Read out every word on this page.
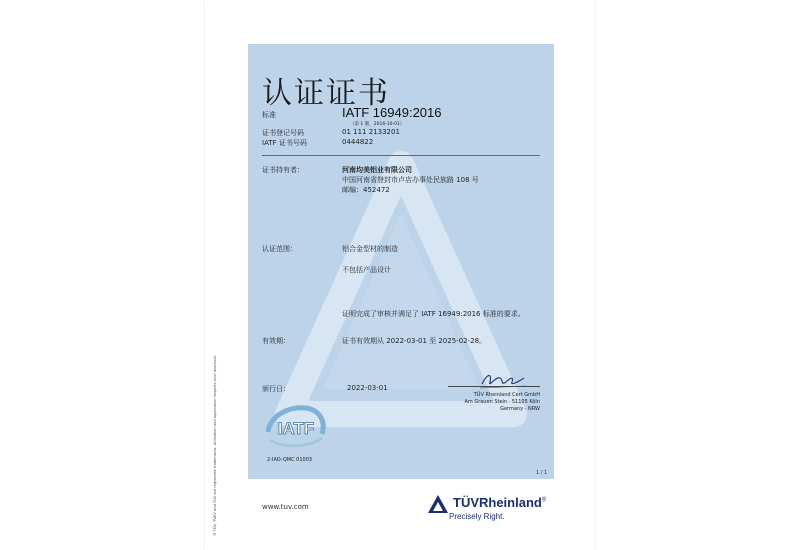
认证证书
标准	IATF 16949:2016
（第 1 版，2016-10-01）
证书登记号码	01 111 2133201
IATF 证书号码	0444822
证书持有者：	河南均美铝业有限公司
中国河南省登封市卢店办事处民族路 108 号
邮编：452472
认证范围：	铝合金型材的制造
不包括产品设计
证明完成了审核并满足了 IATF 16949:2016 标准的要求。
有效期：	证书有效期从 2022-03-01 至 2025-02-28。
颁行日：	2022-03-01
TÜV Rheinland Cert GmbH
Am Grauen Stein · 51105 Köln
Germany - NRW
IATF
2-IAO-QMC 01003
1 / 1
® TÜV, TUEV and TUV are registered trademarks. Utilisation and application requires prior approval.	www.tuv.com	TÜVRheinland®
Precisely Right.
